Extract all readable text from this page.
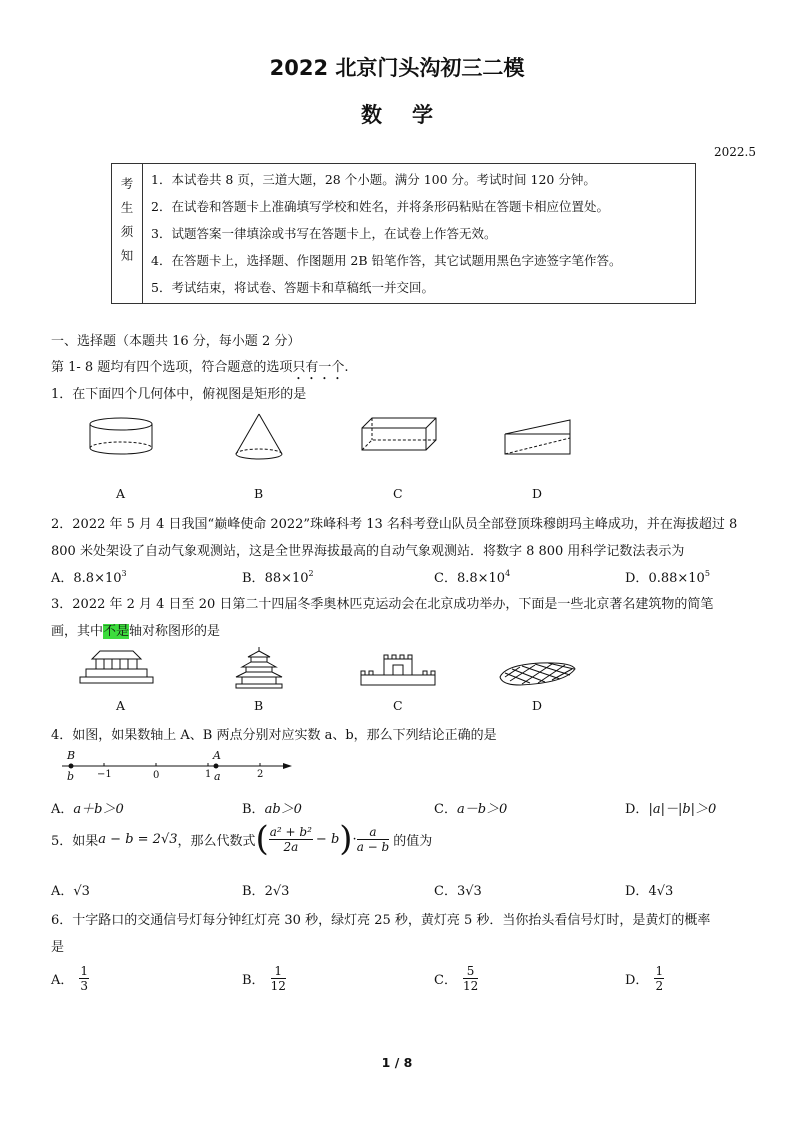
2022 北京门头沟初三二模
数学
2022.5
考
生
须
知

1．本试卷共 8 页，三道大题，28 个小题。满分 100 分。考试时间 120 分钟。
2．在试卷和答题卡上准确填写学校和姓名，并将条形码粘贴在答题卡相应位置处。
3．试题答案一律填涂或书写在答题卡上，在试卷上作答无效。
4．在答题卡上，选择题、作图题用 2B 铅笔作答，其它试题用黑色字迹签字笔作答。
5．考试结束，将试卷、答题卡和草稿纸一并交回。
一、选择题（本题共 16 分，每小题 2 分）
第 1- 8 题均有四个选项，符合题意的选项只有一个.
1．在下面四个几何体中，俯视图是矩形的是
A	B	C	D
2．2022 年 5 月 4 日我国“巅峰使命 2022”珠峰科考 13 名科考登山队员全部登顶珠穆朗玛主峰成功，并在海拔超过 8
800 米处架设了自动气象观测站，这是全世界海拔最高的自动气象观测站．将数字 8 800 用科学记数法表示为
A．$8.8\times 10^3$	B．$88\times 10^2$	C．$8.8\times 10^4$	D．$0.88\times 10^5$
3．2022 年 2 月 4 日至 20 日第二十四届冬季奥林匹克运动会在北京成功举办，下面是一些北京著名建筑物的简笔
画，其中不是轴对称图形的是
A	B	C	D
4．如图，如果数轴上 A、B 两点分别对应实数 a、b，那么下列结论正确的是
B	A
b	a
−1	0	1	2
A．a＋b＞0	B．ab＞0	C．a－b＞0	D．|a|－|b|＞0
5．如果 a − b = 2√3 ，那么代数式 ( $\frac{\text{a² + b²}}{2a} - b$ ) · $\frac{a}{a - b}$ 的值为
A．√3	B．2√3	C．3√3	D．4√3
6．十字路口的交通信号灯每分钟红灯亮 30 秒，绿灯亮 25 秒，黄灯亮 5 秒．当你抬头看信号灯时，是黄灯的概率
是
A． $\frac{1}{3}$	B． $\frac{1}{12}$	C． $\frac{5}{12}$	D． $\frac{1}{2}$
1 / 8
